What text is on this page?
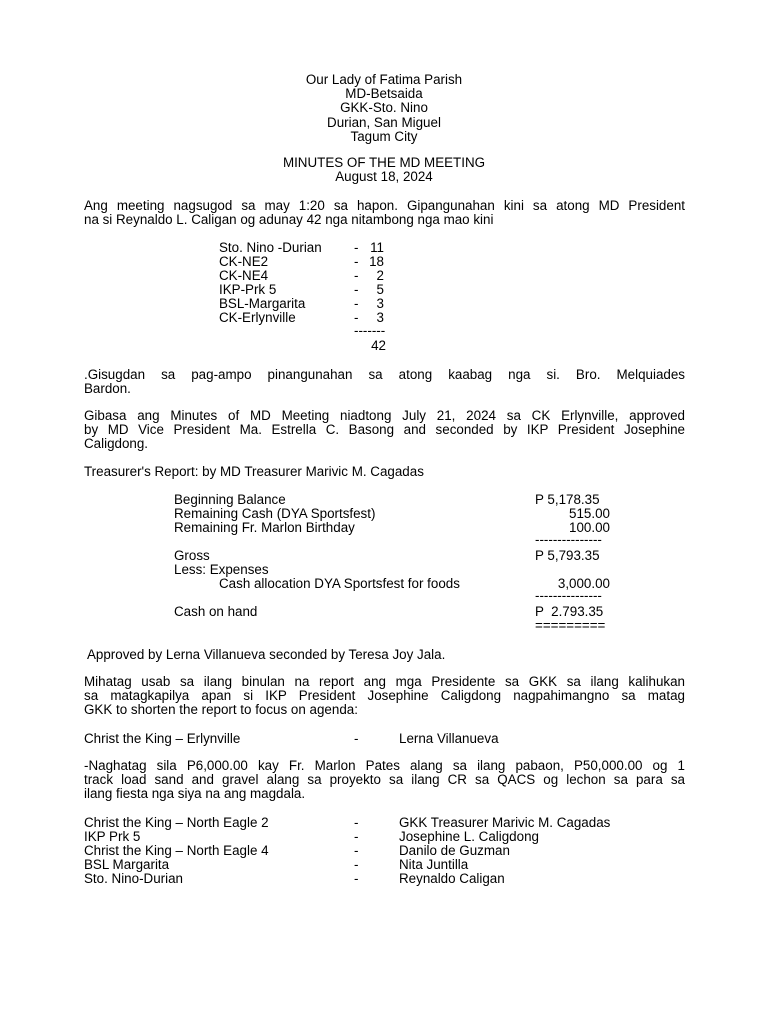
Our Lady of Fatima Parish
MD-Betsaida
GKK-Sto. Nino
Durian, San Miguel
Tagum City
MINUTES OF THE MD MEETING
August 18, 2024
Ang meeting nagsugod sa may 1:20 sa hapon. Gipangunahan kini sa atong MD President
na si Reynaldo L. Caligan og adunay 42 nga nitambong nga mao kini
Sto. Nino -Durian - 11
CK-NE2	- 18
CK-NE4	-	2
IKP-Prk 5	-	5
BSL-Margarita	-	3
CK-Erlynville	-	3
-------
42
.Gisugdan sa pag-ampo pinangunahan sa atong kaabag nga si. Bro. Melquiades
Bardon.
Gibasa ang Minutes of MD Meeting niadtong July 21, 2024 sa CK Erlynville, approved
by MD Vice President Ma. Estrella C. Basong and seconded by IKP President Josephine
Caligdong.
Treasurer's Report: by MD Treasurer Marivic M. Cagadas
Beginning Balance	P 5,178.35
Remaining Cash (DYA Sportsfest)	515.00
Remaining Fr. Marlon Birthday	100.00
---------------
Gross	P 5,793.35
Less: Expenses
Cash allocation DYA Sportsfest for foods	3,000.00
---------------
Cash on hand	P  2.793.35
=========
Approved by Lerna Villanueva seconded by Teresa Joy Jala.
Mihatag usab sa ilang binulan na report ang mga Presidente sa GKK sa ilang kalihukan
sa matagkapilya apan si IKP President Josephine Caligdong nagpahimangno sa matag
GKK to shorten the report to focus on agenda:
Christ the King – Erlynville	-	Lerna Villanueva
-Naghatag sila P6,000.00 kay Fr. Marlon Pates alang sa ilang pabaon, P50,000.00 og 1
track load sand and gravel alang sa proyekto sa ilang CR sa QACS og lechon sa para sa
ilang fiesta nga siya na ang magdala.
Christ the King – North Eagle 2	-	GKK Treasurer Marivic M. Cagadas
IKP Prk 5	-	Josephine L. Caligdong
Christ the King – North Eagle 4	-	Danilo de Guzman
BSL Margarita	-	Nita Juntilla
Sto. Nino-Durian	-	Reynaldo Caligan
